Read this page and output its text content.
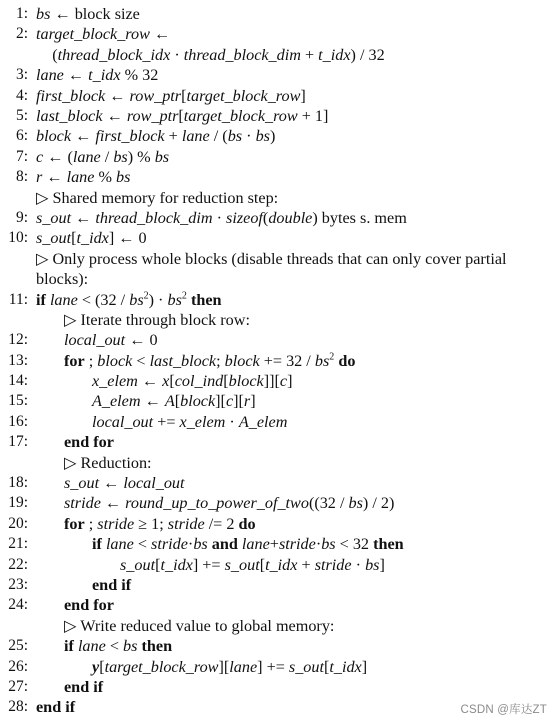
1: bs ← block size
2: target_block_row ←
(thread_block_idx · thread_block_dim + t_idx) / 32
3: lane ← t_idx % 32
4: first_block ← row_ptr[target_block_row]
5: last_block ← row_ptr[target_block_row + 1]
6: block ← first_block + lane / (bs · bs)
7: c ← (lane / bs) % bs
8: r ← lane % bs
▷ Shared memory for reduction step:
9: s_out ← thread_block_dim · sizeof(double) bytes s. mem
10: s_out[t_idx] ← 0
▷ Only process whole blocks (disable threads that can only cover partial blocks):
11: if lane < $(32 / bs^2) \cdot bs^2$ then
▷ Iterate through block row:
12: local_out ← 0
13: for ; block < last_block; block += $32 / bs^2$ do
14:	x_elem ← x[col_ind[block]][c]
15:	A_elem ← A[block][c][r]
16:	local_out += x_elem · A_elem
17: end for
▷ Reduction:
18: s_out ← local_out
19: stride ← round_up_to_power_of_two((32 / bs) / 2)
20: for ; stride ≥ 1; stride /= 2 do
21:	if lane < stride·bs and lane+stride·bs < 32 then
22:	s_out[t_idx] += s_out[t_idx + stride · bs]
23:	end if
24: end for
▷ Write reduced value to global memory:
25: if lane < bs then
26:	y[target_block_row][lane] += s_out[t_idx]
27: end if
28: end if	CSDN @库达ZT
